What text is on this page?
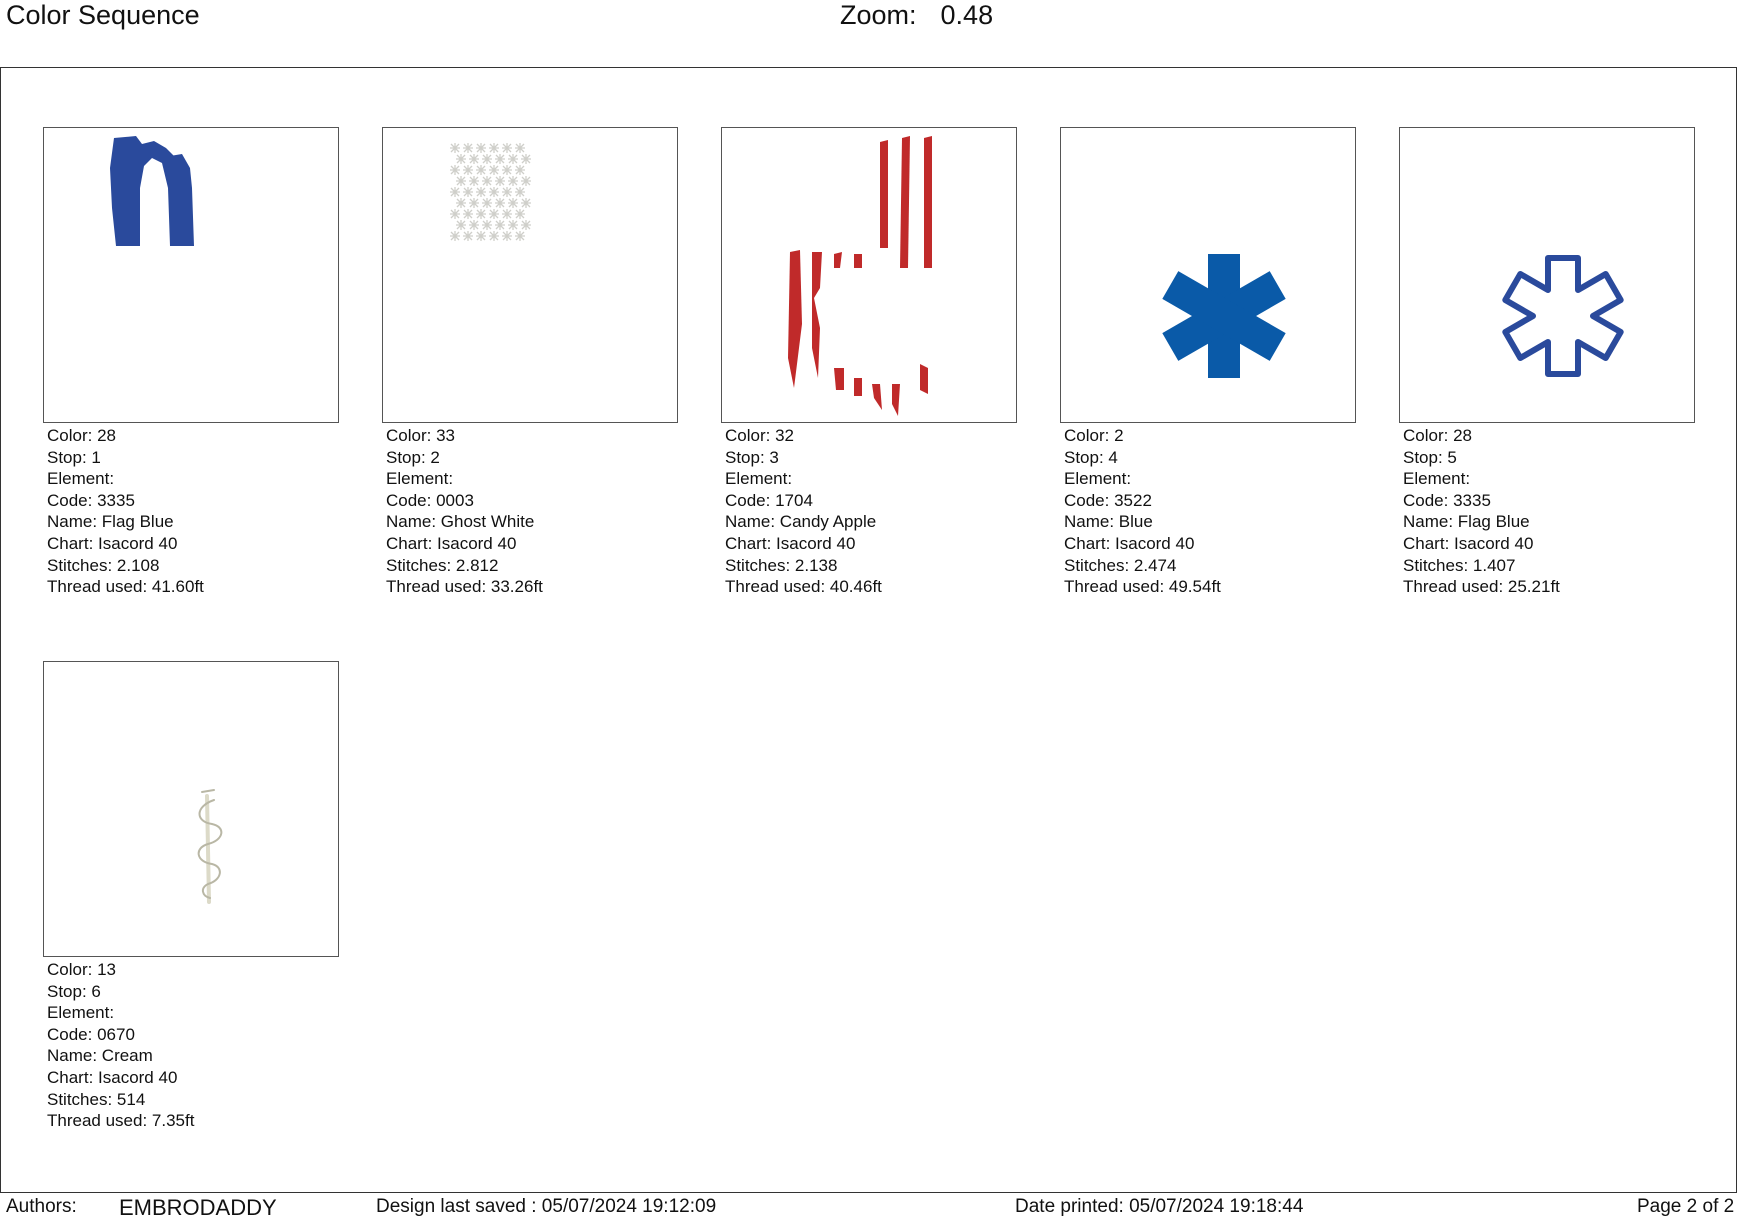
Color Sequence	Zoom: 0.48
Color: 28
Stop: 1
Element:
Code: 3335
Name: Flag Blue
Chart: Isacord 40
Stitches: 2.108
Thread used: 41.60ft
Color: 33
Stop: 2
Element:
Code: 0003
Name: Ghost White
Chart: Isacord 40
Stitches: 2.812
Thread used: 33.26ft
Color: 32
Stop: 3
Element:
Code: 1704
Name: Candy Apple
Chart: Isacord 40
Stitches: 2.138
Thread used: 40.46ft
Color: 2
Stop: 4
Element:
Code: 3522
Name: Blue
Chart: Isacord 40
Stitches: 2.474
Thread used: 49.54ft
Color: 28
Stop: 5
Element:
Code: 3335
Name: Flag Blue
Chart: Isacord 40
Stitches: 1.407
Thread used: 25.21ft
Color: 13
Stop: 6
Element:
Code: 0670
Name: Cream
Chart: Isacord 40
Stitches: 514
Thread used: 7.35ft
Authors: EMBRODADDY	Design last saved : 05/07/2024 19:12:09	Date printed: 05/07/2024 19:18:44	Page 2 of 2
